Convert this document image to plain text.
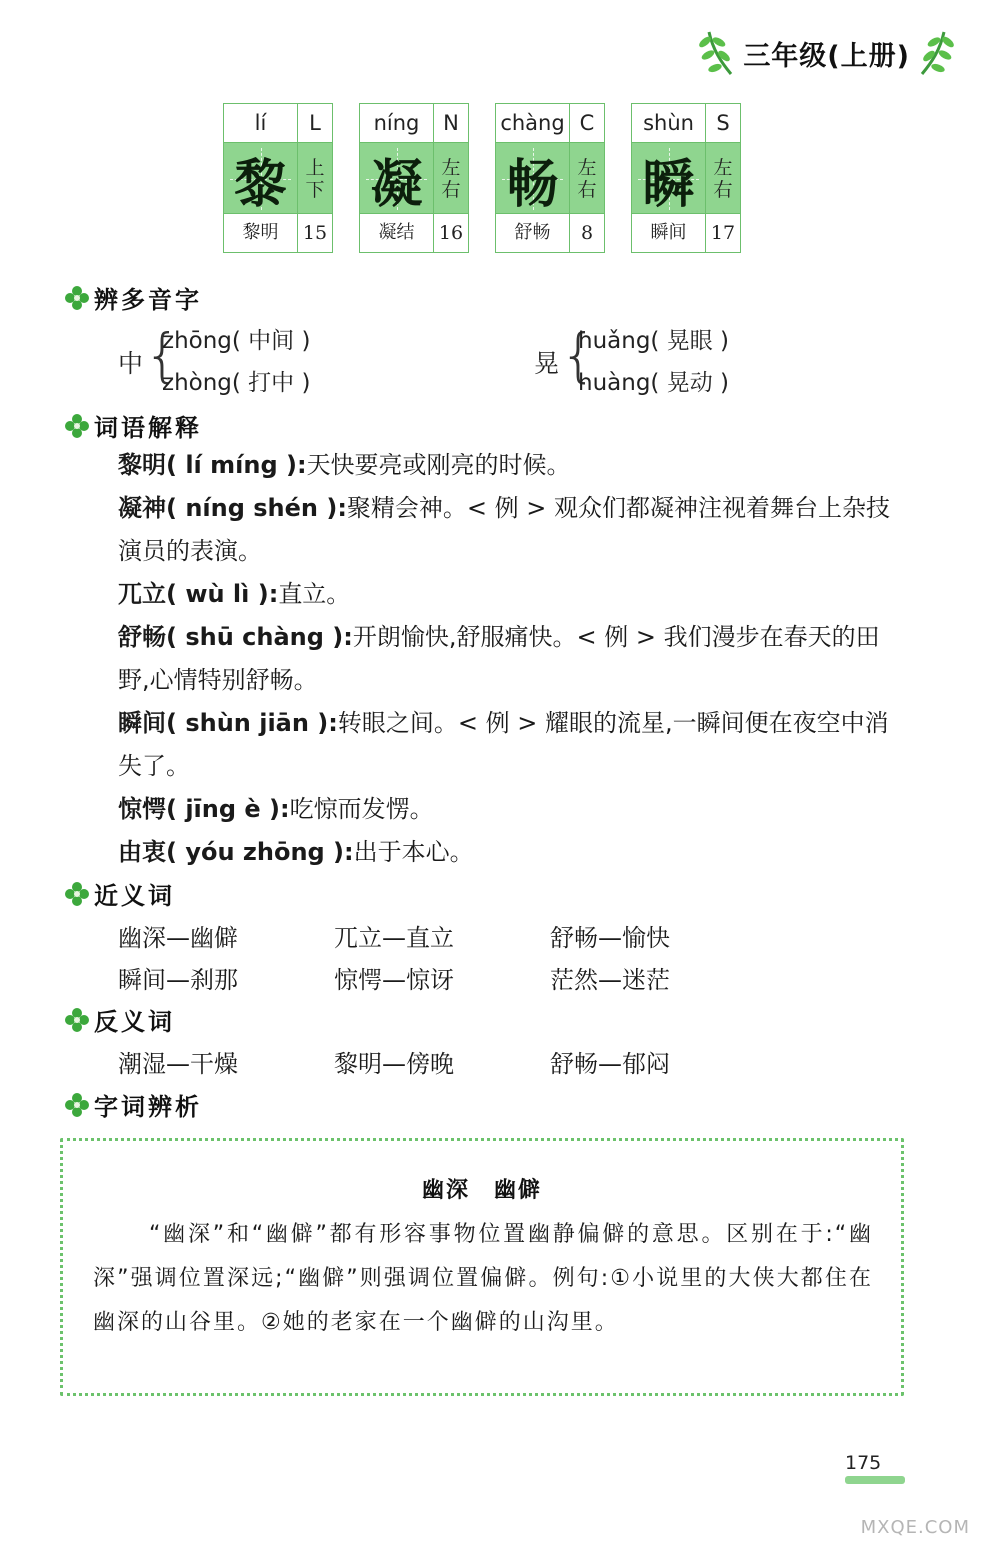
三年级(上册)
lí	L
黎 上
下
黎明	15
níng	N
凝 左
右
凝结	16
chàng C
畅 左
右
舒畅	8
shùn	S
瞬 左
右
瞬间	17
辨多音字
中 {
zhōng( 中间 )
zhòng( 打中 )
晃 {
huǎng( 晃眼 )
huàng( 晃动 )
词语解释
黎明( lí míng ):天快要亮或刚亮的时候。
凝神( níng shén ):聚精会神。< 例 > 观众们都凝神注视着舞台上杂技演员的表演。
兀立( wù lì ):直立。
舒畅( shū chàng ):开朗愉快,舒服痛快。< 例 > 我们漫步在春天的田野,心情特别舒畅。
瞬间( shùn jiān ):转眼之间。< 例 > 耀眼的流星,一瞬间便在夜空中消失了。
惊愕( jīng è ):吃惊而发愣。
由衷( yóu zhōng ):出于本心。
近义词
幽深—幽僻	兀立—直立	舒畅—愉快
瞬间—刹那	惊愕—惊讶	茫然—迷茫
反义词
潮湿—干燥	黎明—傍晚	舒畅—郁闷
字词辨析
幽深　幽僻
“幽深”和“幽僻”都有形容事物位置幽静偏僻的意思。区别在于:“幽深”强调位置深远;“幽僻”则强调位置偏僻。例句:①小说里的大侠大都住在幽深的山谷里。②她的老家在一个幽僻的山沟里。
175
MXQE.COM
